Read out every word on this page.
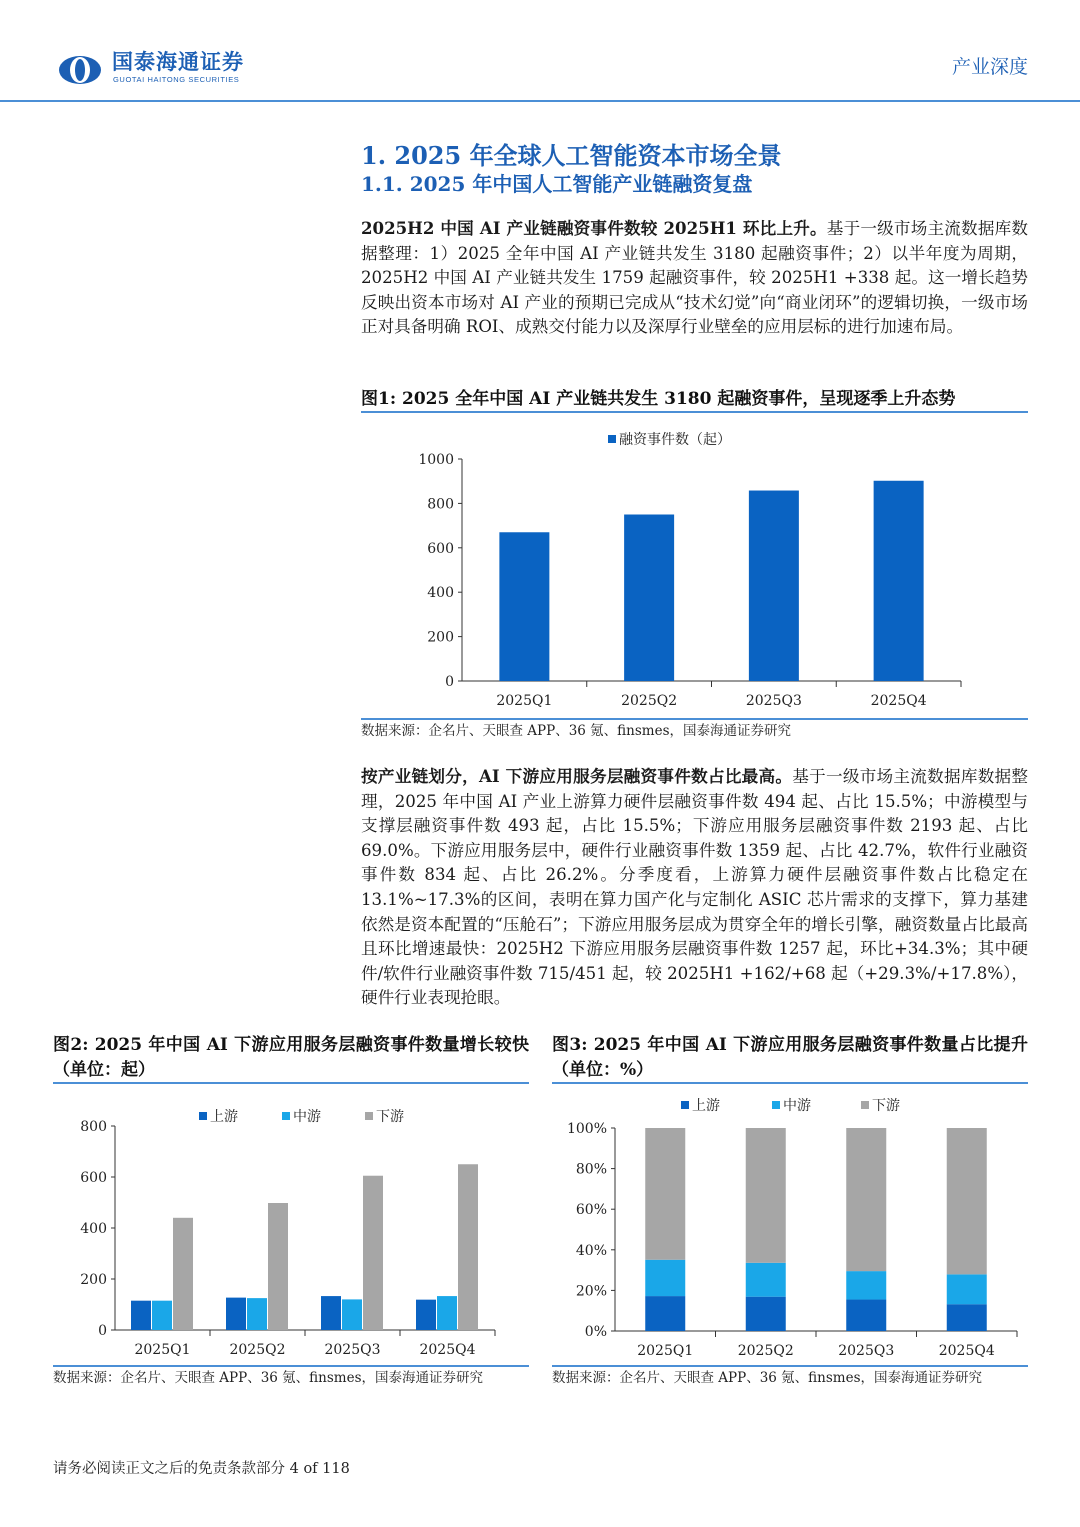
国泰海通证券
GUOTAI HAITONG SECURITIES
产业深度
1. 2025 年全球人工智能资本市场全景
1.1. 2025 年中国人工智能产业链融资复盘
2025H2 中国 AI 产业链融资事件数较 2025H1 环比上升。基于一级市场主流数据库数据整理：1）2025 全年中国 AI 产业链共发生 3180 起融资事件；2）以半年度为周期，2025H2 中国 AI 产业链共发生 1759 起融资事件，较 2025H1 +338 起。这一增长趋势反映出资本市场对 AI 产业的预期已完成从“技术幻觉”向“商业闭环”的逻辑切换，一级市场正对具备明确 ROI、成熟交付能力以及深厚行业壁垒的应用层标的进行加速布局。
图1: 2025 全年中国 AI 产业链共发生 3180 起融资事件，呈现逐季上升态势
0
200
400
600
800
1000
2025Q1	2025Q2	2025Q3	2025Q4
融资事件数（起）
数据来源：企名片、天眼查 APP、36 氪、finsmes，国泰海通证券研究
按产业链划分，AI 下游应用服务层融资事件数占比最高。基于一级市场主流数据库数据整理，2025 年中国 AI 产业上游算力硬件层融资事件数 494 起、占比 15.5%；中游模型与支撑层融资事件数 493 起，占比 15.5%；下游应用服务层融资事件数 2193 起、占比 69.0%。下游应用服务层中，硬件行业融资事件数 1359 起、占比 42.7%，软件行业融资事件数 834 起、占比 26.2%。分季度看，上游算力硬件层融资事件数占比稳定在 13.1%~17.3%的区间，表明在算力国产化与定制化 ASIC 芯片需求的支撑下，算力基建依然是资本配置的“压舱石”；下游应用服务层成为贯穿全年的增长引擎，融资数量占比最高且环比增速最快：2025H2 下游应用服务层融资事件数 1257 起，环比+34.3%；其中硬件/软件行业融资事件数 715/451 起，较 2025H1 +162/+68 起（+29.3%/+17.8%），硬件行业表现抢眼。
图2: 2025 年中国 AI 下游应用服务层融资事件数量增长较快（单位：起）
0
200
400
600
800
2025Q1	2025Q2	2025Q3	2025Q4
上游	中游	下游
数据来源：企名片、天眼查 APP、36 氪、finsmes，国泰海通证券研究
图3: 2025 年中国 AI 下游应用服务层融资事件数量占比提升（单位：%）
0%
20%
40%
60%
80%
100%
2025Q1	2025Q2	2025Q3	2025Q4
上游	中游	下游
数据来源：企名片、天眼查 APP、36 氪、finsmes，国泰海通证券研究
请务必阅读正文之后的免责条款部分 4 of 118
